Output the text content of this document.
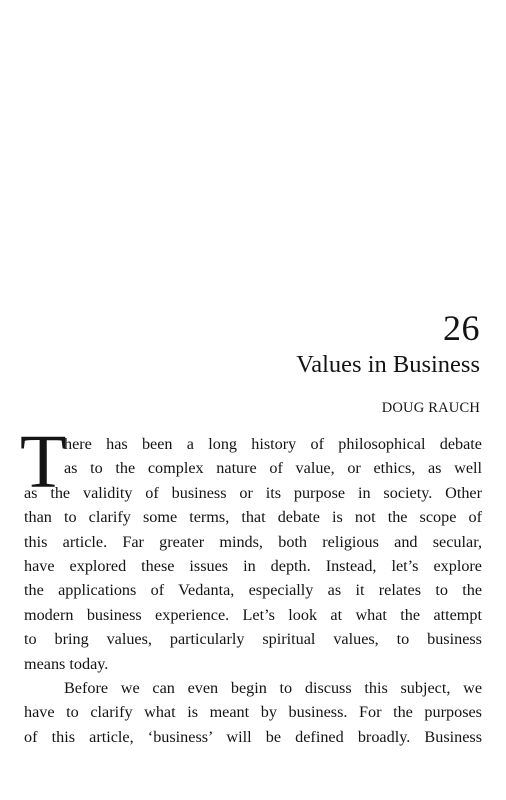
26
Values in Business
DOUG RAUCH
T
here has been a long history of philosophical debate
as to the complex nature of value, or ethics, as well
as the validity of business or its purpose in society. Other
than to clarify some terms, that debate is not the scope of
this article. Far greater minds, both religious and secular,
have explored these issues in depth. Instead, let’s explore
the applications of Vedanta, especially as it relates to the
modern business experience. Let’s look at what the attempt
to bring values, particularly spiritual values, to business
means today.
Before we can even begin to discuss this subject, we
have to clarify what is meant by business. For the purposes
of this article, ‘business’ will be defined broadly. Business
